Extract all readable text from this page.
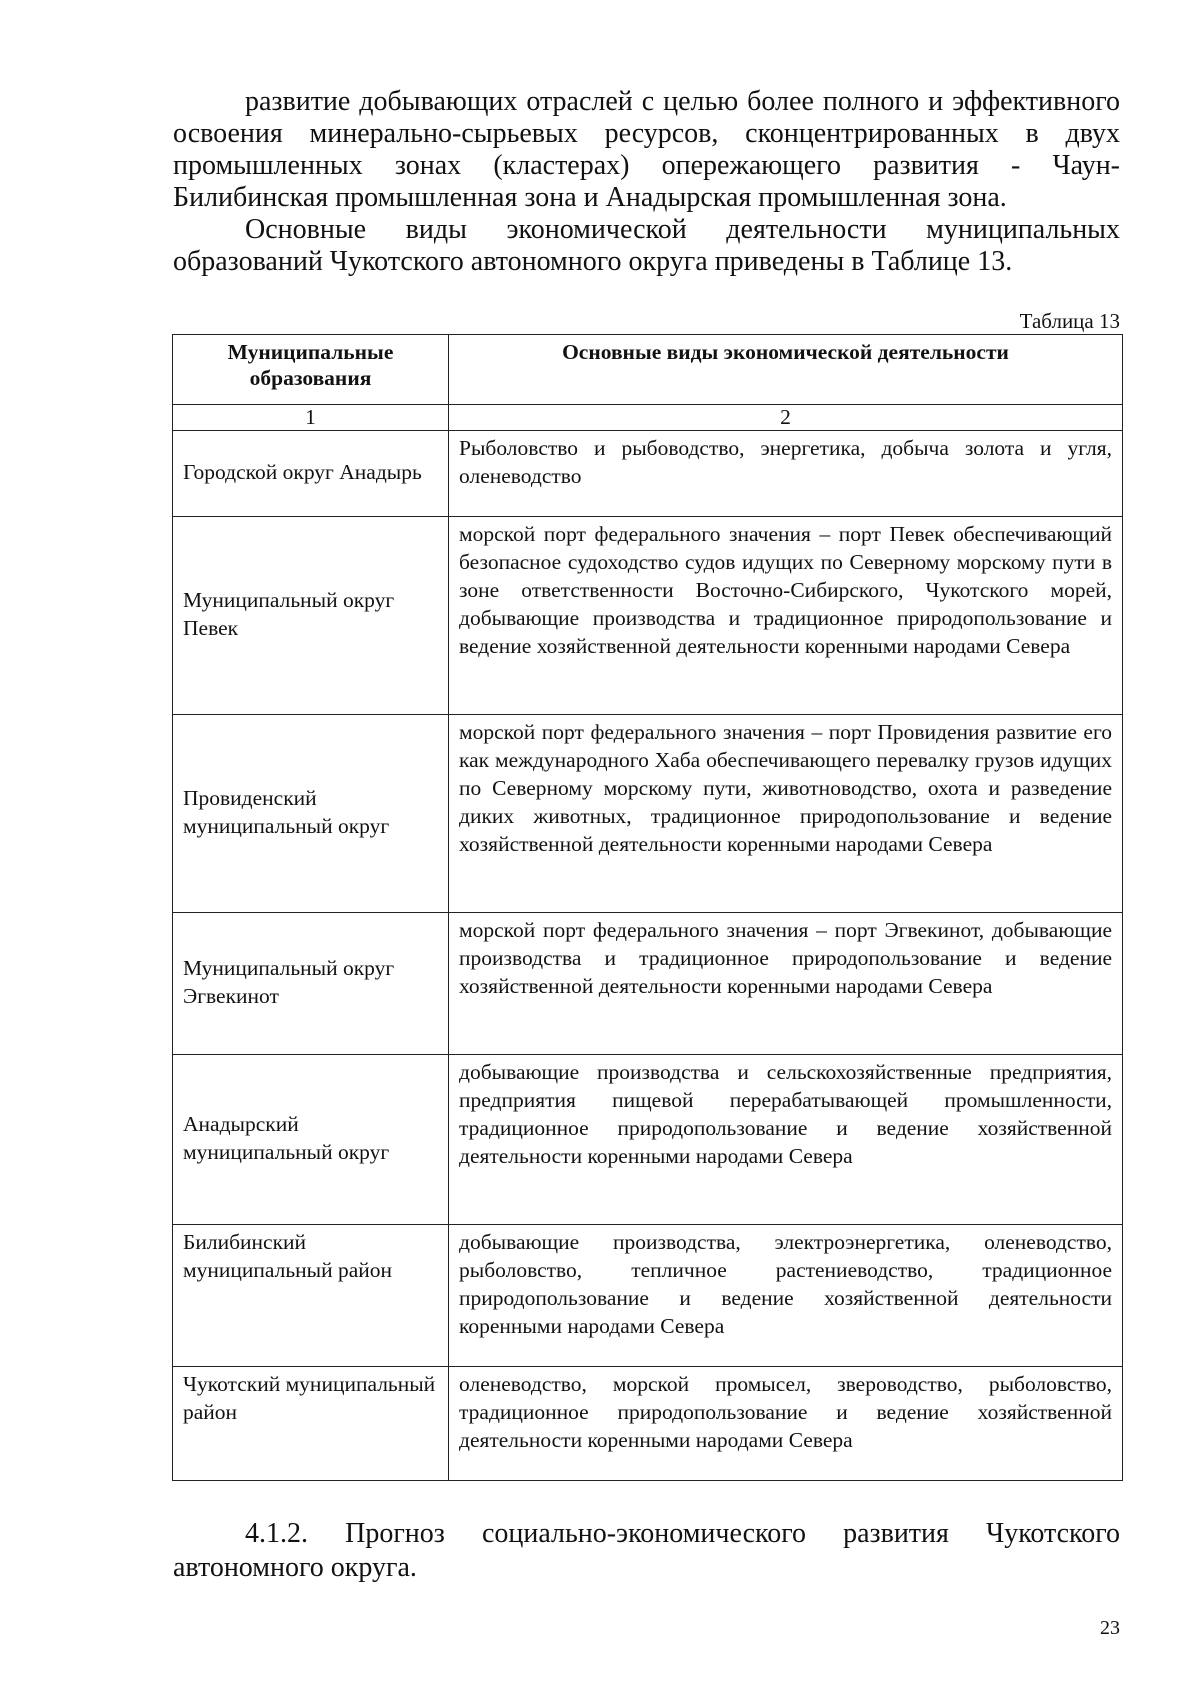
развитие добывающих отраслей с целью более полного и эффективного освоения минерально-сырьевых ресурсов, сконцентрированных в двух промышленных зонах (кластерах) опережающего развития - Чаун-Билибинская промышленная зона и Анадырская промышленная зона.

Основные виды экономической деятельности муниципальных образований Чукотского автономного округа приведены в Таблице 13.

Таблица 13
Муниципальные образования	Основные виды экономической деятельности
1	2
Городской округ Анадырь	Рыболовство и рыбоводство, энергетика, добыча золота и угля, оленеводство
Муниципальный округ Певек	морской порт федерального значения – порт Певек обеспечивающий безопасное судоходство судов идущих по Северному морскому пути в зоне ответственности Восточно-Сибирского, Чукотского морей, добывающие производства и традиционное природопользование и ведение хозяйственной деятельности коренными народами Севера
Провиденский муниципальный округ	морской порт федерального значения – порт Провидения развитие его как международного Хаба обеспечивающего перевалку грузов идущих по Северному морскому пути, животноводство, охота и разведение диких животных, традиционное природопользование и ведение хозяйственной деятельности коренными народами Севера
Муниципальный округ Эгвекинот	морской порт федерального значения – порт Эгвекинот, добывающие производства и традиционное природопользование и ведение хозяйственной деятельности коренными народами Севера
Анадырский муниципальный округ	добывающие производства и сельскохозяйственные предприятия, предприятия пищевой перерабатывающей промышленности, традиционное природопользование и ведение хозяйственной деятельности коренными народами Севера
Билибинский муниципальный район	добывающие производства, электроэнергетика, оленеводство, рыболовство, тепличное растениеводство, традиционное природопользование и ведение хозяйственной деятельности коренными народами Севера
Чукотский муниципальный район	оленеводство, морской промысел, звероводство, рыболовство, традиционное природопользование и ведение хозяйственной деятельности коренными народами Севера
4.1.2. Прогноз социально-экономического развития Чукотского
автономного округа.
23
